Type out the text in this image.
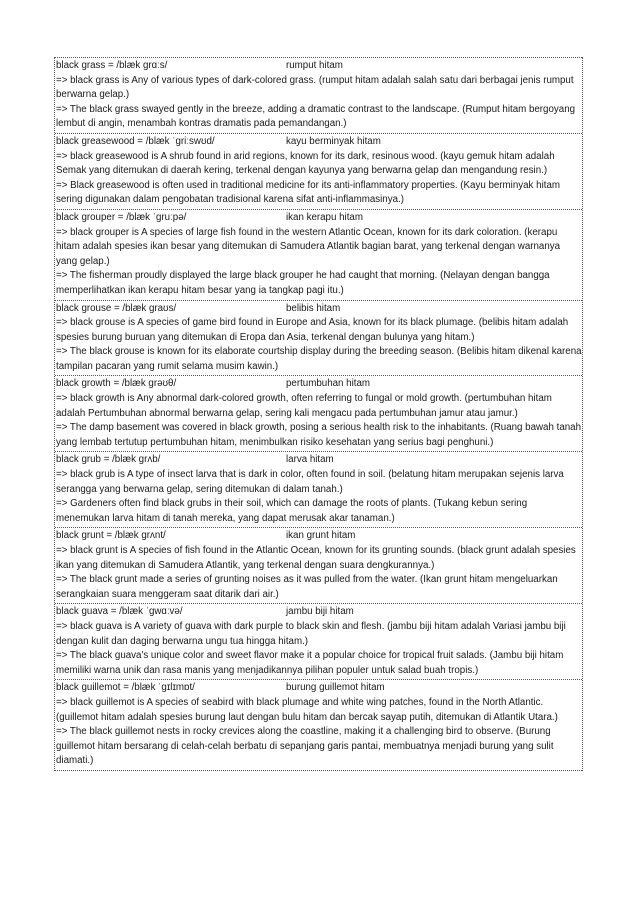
black grass = /blæk grɑːs/	rumput hitam

=> black grass is Any of various types of dark-colored grass. (rumput hitam adalah salah satu dari berbagai jenis rumput berwarna gelap.)

=> The black grass swayed gently in the breeze, adding a dramatic contrast to the landscape. (Rumput hitam bergoyang lembut di angin, menambah kontras dramatis pada pemandangan.)

black greasewood = /blæk ˈɡriːswʊd/	kayu berminyak hitam

=> black greasewood is A shrub found in arid regions, known for its dark, resinous wood. (kayu gemuk hitam adalah Semak yang ditemukan di daerah kering, terkenal dengan kayunya yang berwarna gelap dan mengandung resin.)

=> Black greasewood is often used in traditional medicine for its anti-inflammatory properties. (Kayu berminyak hitam sering digunakan dalam pengobatan tradisional karena sifat anti-inflammasinya.)

black grouper = /blæk ˈɡruːpə/	ikan kerapu hitam

=> black grouper is A species of large fish found in the western Atlantic Ocean, known for its dark coloration. (kerapu hitam adalah spesies ikan besar yang ditemukan di Samudera Atlantik bagian barat, yang terkenal dengan warnanya yang gelap.)

=> The fisherman proudly displayed the large black grouper he had caught that morning. (Nelayan dengan bangga memperlihatkan ikan kerapu hitam besar yang ia tangkap pagi itu.)

black grouse = /blæk graʊs/	belibis hitam

=> black grouse is A species of game bird found in Europe and Asia, known for its black plumage. (belibis hitam adalah spesies burung buruan yang ditemukan di Eropa dan Asia, terkenal dengan bulunya yang hitam.)

=> The black grouse is known for its elaborate courtship display during the breeding season. (Belibis hitam dikenal karena tampilan pacaran yang rumit selama musim kawin.)

black growth = /blæk grəʊθ/	pertumbuhan hitam

=> black growth is Any abnormal dark-colored growth, often referring to fungal or mold growth. (pertumbuhan hitam adalah Pertumbuhan abnormal berwarna gelap, sering kali mengacu pada pertumbuhan jamur atau jamur.)

=> The damp basement was covered in black growth, posing a serious health risk to the inhabitants. (Ruang bawah tanah yang lembab tertutup pertumbuhan hitam, menimbulkan risiko kesehatan yang serius bagi penghuni.)

black grub = /blæk grʌb/	larva hitam

=> black grub is A type of insect larva that is dark in color, often found in soil. (belatung hitam merupakan sejenis larva serangga yang berwarna gelap, sering ditemukan di dalam tanah.)

=> Gardeners often find black grubs in their soil, which can damage the roots of plants. (Tukang kebun sering menemukan larva hitam di tanah mereka, yang dapat merusak akar tanaman.)

black grunt = /blæk grʌnt/	ikan grunt hitam

=> black grunt is A species of fish found in the Atlantic Ocean, known for its grunting sounds. (black grunt adalah spesies ikan yang ditemukan di Samudera Atlantik, yang terkenal dengan suara dengkurannya.)

=> The black grunt made a series of grunting noises as it was pulled from the water. (Ikan grunt hitam mengeluarkan serangkaian suara menggeram saat ditarik dari air.)

black guava = /blæk ˈɡwɑːvə/	jambu biji hitam

=> black guava is A variety of guava with dark purple to black skin and flesh. (jambu biji hitam adalah Variasi jambu biji dengan kulit dan daging berwarna ungu tua hingga hitam.)

=> The black guava's unique color and sweet flavor make it a popular choice for tropical fruit salads. (Jambu biji hitam memiliki warna unik dan rasa manis yang menjadikannya pilihan populer untuk salad buah tropis.)

black guillemot = /blæk ˈɡɪlɪmɒt/	burung guillemot hitam

=> black guillemot is A species of seabird with black plumage and white wing patches, found in the North Atlantic. (guillemot hitam adalah spesies burung laut dengan bulu hitam dan bercak sayap putih, ditemukan di Atlantik Utara.)

=> The black guillemot nests in rocky crevices along the coastline, making it a challenging bird to observe. (Burung guillemot hitam bersarang di celah-celah berbatu di sepanjang garis pantai, membuatnya menjadi burung yang sulit diamati.)
